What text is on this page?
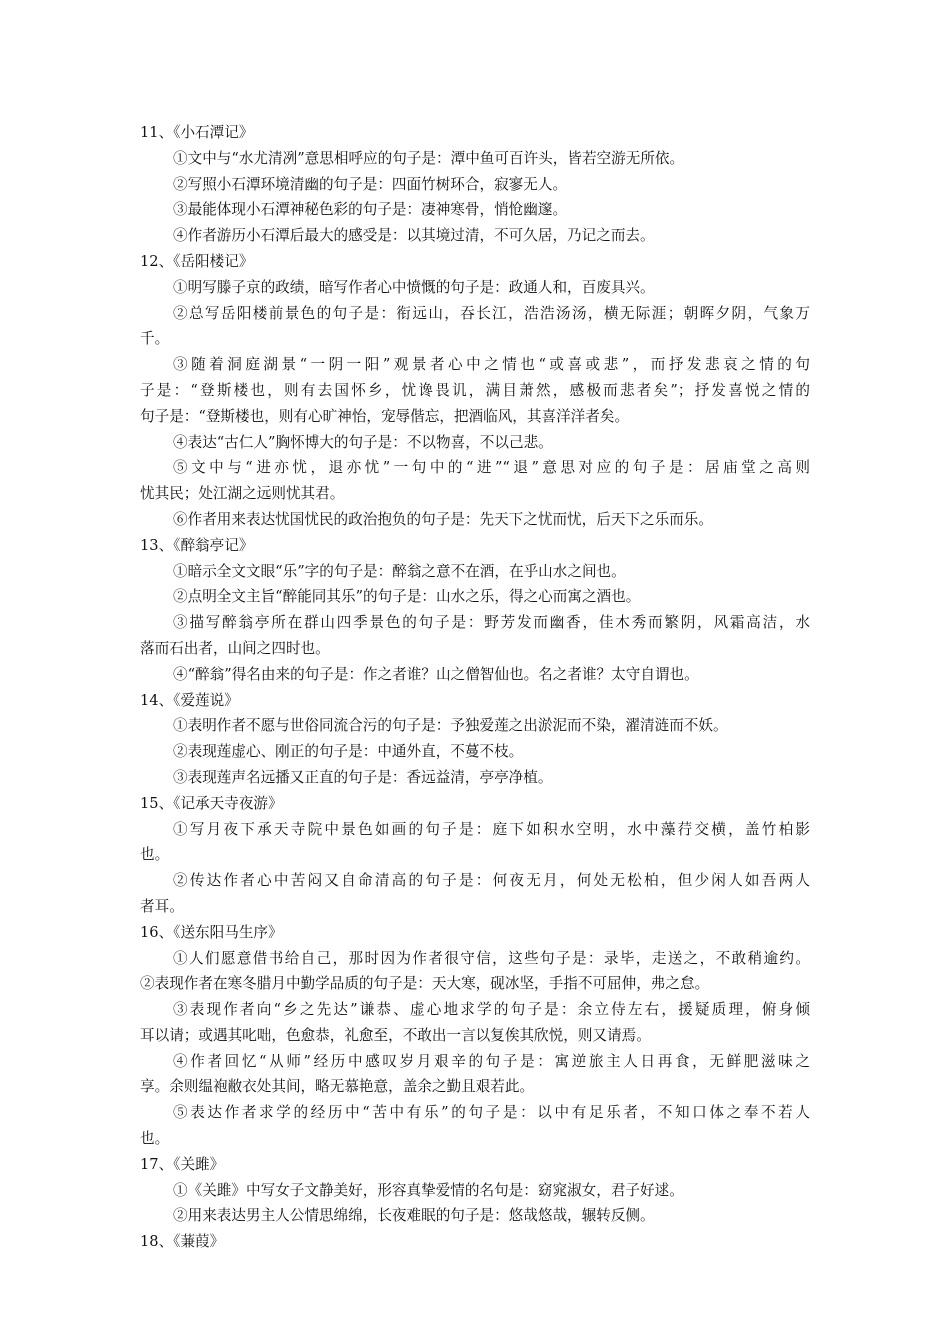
11、《小石潭记》
①文中与“水尤清冽”意思相呼应的句子是：潭中鱼可百许头，皆若空游无所依。
②写照小石潭环境清幽的句子是：四面竹树环合，寂寥无人。
③最能体现小石潭神秘色彩的句子是：凄神寒骨，悄怆幽邃。
④作者游历小石潭后最大的感受是：以其境过清，不可久居，乃记之而去。
12、《岳阳楼记》
①明写滕子京的政绩，暗写作者心中愤慨的句子是：政通人和，百废具兴。
②总写岳阳楼前景色的句子是：衔远山，吞长江，浩浩汤汤，横无际涯；朝晖夕阴，气象万
千。
③随着洞庭湖景“一阴一阳”观景者心中之情也“或喜或悲”，而抒发悲哀之情的句
子是：“登斯楼也，则有去国怀乡，忧谗畏讥，满目萧然，感极而悲者矣”；抒发喜悦之情的
句子是：“登斯楼也，则有心旷神怡，宠辱偕忘，把酒临风，其喜洋洋者矣。
④表达“古仁人”胸怀博大的句子是：不以物喜，不以己悲。
⑤文中与“进亦忧，退亦忧”一句中的“进”“退”意思对应的句子是：居庙堂之高则
忧其民；处江湖之远则忧其君。
⑥作者用来表达忧国忧民的政治抱负的句子是：先天下之忧而忧，后天下之乐而乐。
13、《醉翁亭记》
①暗示全文文眼“乐”字的句子是：醉翁之意不在酒，在乎山水之间也。
②点明全文主旨“醉能同其乐”的句子是：山水之乐，得之心而寓之酒也。
③描写醉翁亭所在群山四季景色的句子是：野芳发而幽香，佳木秀而繁阴，风霜高洁，水
落而石出者，山间之四时也。
④“醉翁”得名由来的句子是：作之者谁？山之僧智仙也。名之者谁？太守自谓也。
14、《爱莲说》
①表明作者不愿与世俗同流合污的句子是：予独爱莲之出淤泥而不染，濯清涟而不妖。
②表现莲虚心、刚正的句子是：中通外直，不蔓不枝。
③表现莲声名远播又正直的句子是：香远益清，亭亭净植。
15、《记承天寺夜游》
①写月夜下承天寺院中景色如画的句子是：庭下如积水空明，水中藻荇交横，盖竹柏影
也。
②传达作者心中苦闷又自命清高的句子是：何夜无月，何处无松柏，但少闲人如吾两人
者耳。
16、《送东阳马生序》
①人们愿意借书给自己，那时因为作者很守信，这些句子是：录毕，走送之，不敢稍逾约。
②表现作者在寒冬腊月中勤学品质的句子是：天大寒，砚冰坚，手指不可屈伸，弗之怠。
③表现作者向“乡之先达”谦恭、虚心地求学的句子是：余立侍左右，援疑质理，俯身倾
耳以请；或遇其叱咄，色愈恭，礼愈至，不敢出一言以复俟其欣悦，则又请焉。
④作者回忆“从师”经历中感叹岁月艰辛的句子是：寓逆旅主人日再食，无鲜肥滋味之
享。余则缊袍敝衣处其间，略无慕艳意，盖余之勤且艰若此。
⑤表达作者求学的经历中“苦中有乐”的句子是：以中有足乐者，不知口体之奉不若人
也。
17、《关雎》
①《关雎》中写女子文静美好，形容真挚爱情的名句是：窈窕淑女，君子好逑。
②用来表达男主人公情思绵绵，长夜难眠的句子是：悠哉悠哉，辗转反侧。
18、《蒹葭》
